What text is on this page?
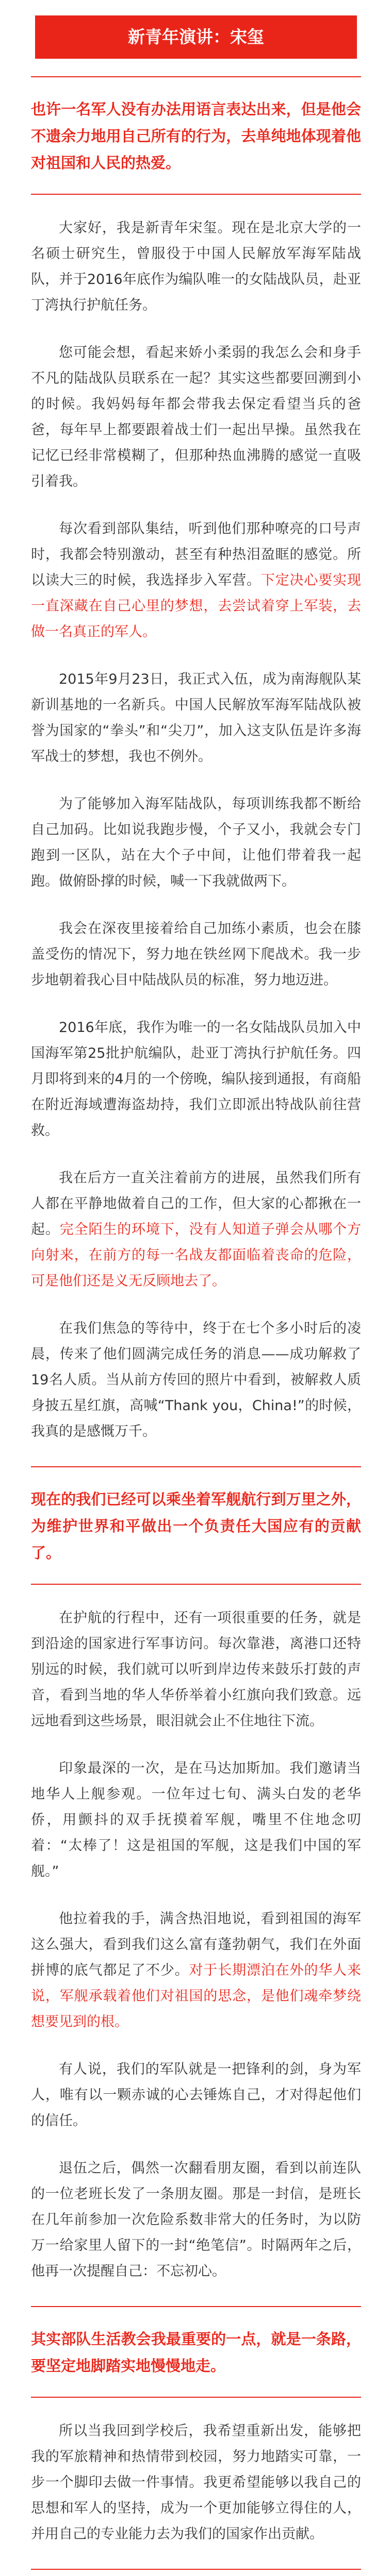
新青年演讲：宋玺

也许一名军人没有办法用语言表达出来，但是他会不遗余力地用自己所有的行为，去单纯地体现着他对祖国和人民的热爱。

大家好，我是新青年宋玺。现在是北京大学的一名硕士研究生，曾服役于中国人民解放军海军陆战队，并于2016年底作为编队唯一的女陆战队员，赴亚丁湾执行护航任务。

您可能会想，看起来娇小柔弱的我怎么会和身手不凡的陆战队员联系在一起？其实这些都要回溯到小的时候。我妈妈每年都会带我去保定看望当兵的爸爸，每年早上都要跟着战士们一起出早操。虽然我在记忆已经非常模糊了，但那种热血沸腾的感觉一直吸引着我。

每次看到部队集结，听到他们那种嘹亮的口号声时，我都会特别激动，甚至有种热泪盈眶的感觉。所以读大三的时候，我选择步入军营。下定决心要实现一直深藏在自己心里的梦想，去尝试着穿上军装，去做一名真正的军人。

2015年9月23日，我正式入伍，成为南海舰队某新训基地的一名新兵。中国人民解放军海军陆战队被誉为国家的“拳头”和“尖刀”，加入这支队伍是许多海军战士的梦想，我也不例外。

为了能够加入海军陆战队，每项训练我都不断给自己加码。比如说我跑步慢，个子又小，我就会专门跑到一区队，站在大个子中间，让他们带着我一起跑。做俯卧撑的时候，喊一下我就做两下。

我会在深夜里接着给自己加练小素质，也会在膝盖受伤的情况下，努力地在铁丝网下爬战术。我一步步地朝着我心目中陆战队员的标准，努力地迈进。

2016年底，我作为唯一的一名女陆战队员加入中国海军第25批护航编队，赴亚丁湾执行护航任务。四月即将到来的4月的一个傍晚，编队接到通报，有商船在附近海域遭海盗劫持，我们立即派出特战队前往营救。

我在后方一直关注着前方的进展，虽然我们所有人都在平静地做着自己的工作，但大家的心都揪在一起。完全陌生的环境下，没有人知道子弹会从哪个方向射来，在前方的每一名战友都面临着丧命的危险，可是他们还是义无反顾地去了。

在我们焦急的等待中，终于在七个多小时后的凌晨，传来了他们圆满完成任务的消息——成功解救了19名人质。当从前方传回的照片中看到，被解救人质身披五星红旗，高喊“Thank you，China!”的时候，我真的是感慨万千。

现在的我们已经可以乘坐着军舰航行到万里之外，为维护世界和平做出一个负责任大国应有的贡献了。

在护航的行程中，还有一项很重要的任务，就是到沿途的国家进行军事访问。每次靠港，离港口还特别远的时候，我们就可以听到岸边传来鼓乐打鼓的声音，看到当地的华人华侨举着小红旗向我们致意。远远地看到这些场景，眼泪就会止不住地往下流。

印象最深的一次，是在马达加斯加。我们邀请当地华人上舰参观。一位年过七旬、满头白发的老华侨，用颤抖的双手抚摸着军舰，嘴里不住地念叨着：“太棒了！这是祖国的军舰，这是我们中国的军舰。”

他拉着我的手，满含热泪地说，看到祖国的海军这么强大，看到我们这么富有蓬勃朝气，我们在外面拼博的底气都足了不少。对于长期漂泊在外的华人来说，军舰承载着他们对祖国的思念，是他们魂牵梦绕想要见到的根。

有人说，我们的军队就是一把锋利的剑，身为军人，唯有以一颗赤诚的心去锤炼自己，才对得起他们的信任。

退伍之后，偶然一次翻看朋友圈，看到以前连队的一位老班长发了一条朋友圈。那是一封信，是班长在几年前参加一次危险系数非常大的任务时，为以防万一给家里人留下的一封“绝笔信”。时隔两年之后，他再一次提醒自己：不忘初心。

其实部队生活教会我最重要的一点，就是一条路，要坚定地脚踏实地慢慢地走。

所以当我回到学校后，我希望重新出发，能够把我的军旅精神和热情带到校园，努力地踏实可靠，一步一个脚印去做一件事情。我更希望能够以我自己的思想和军人的坚持，成为一个更加能够立得住的人，并用自己的专业能力去为我们的国家作出贡献。
